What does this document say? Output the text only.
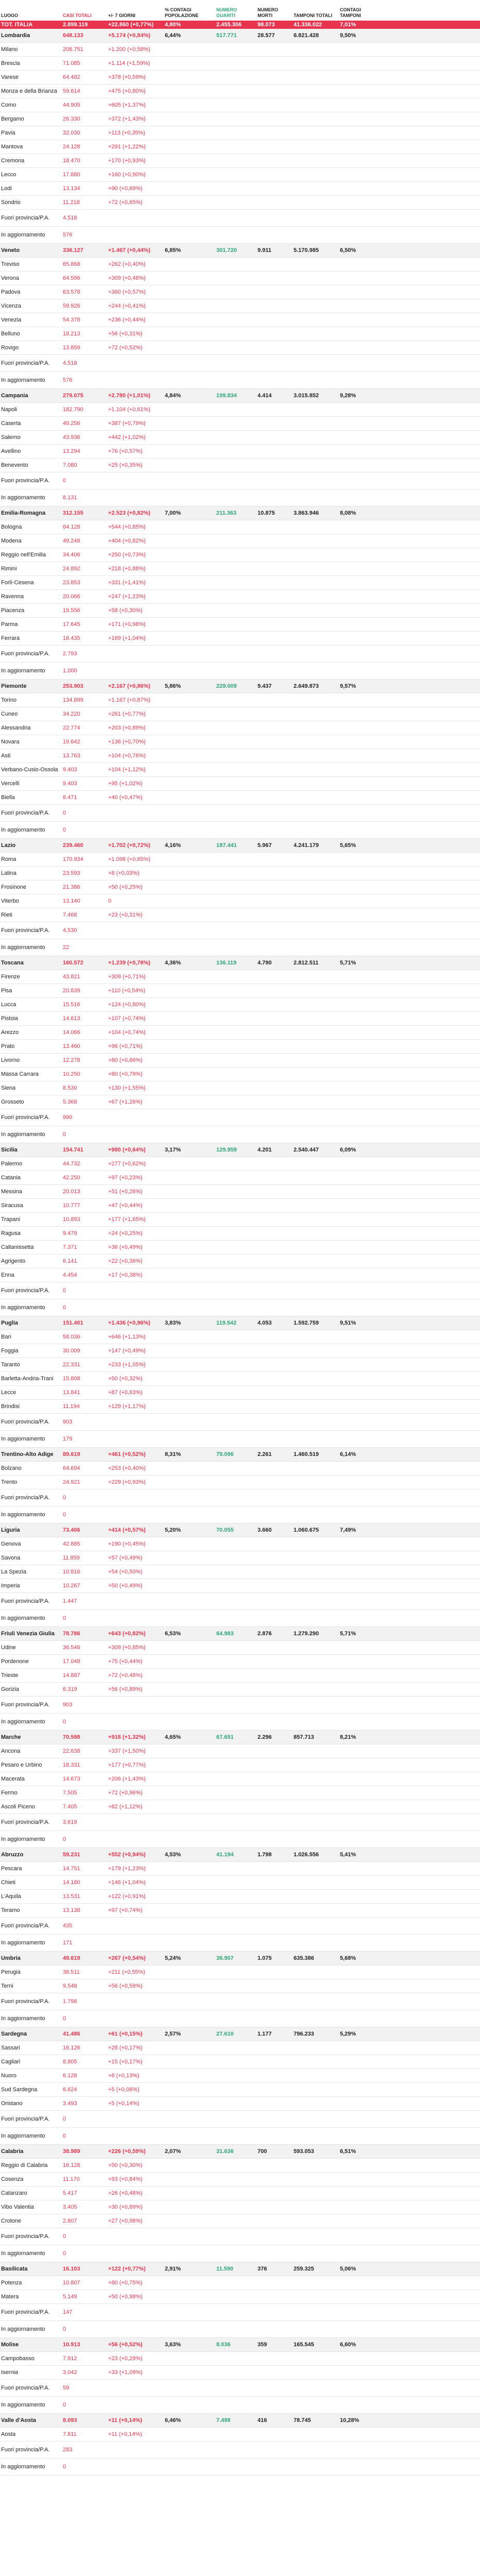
LUOGO	CASI TOTALI	+/- 7 GIORNI	% CONTAGI POPOLAZIONE	NUMERO GUARITI	NUMERO MORTI	TAMPONI TOTALI	CONTAGI TAMPONI		
TOT. ITALIA	2.899.119	+22.860 (+0,77%)	4,80%	2.455.306	98.073	41.336.022	7,01%		
Lombardia	648.133	+5.174 (+0,84%)	6,44%	517.771	28.577	6.821.428	9,50%		
Milano	208.751	+1.200 (+0,58%)							
Brescia	71.085	+1.114 (+1,59%)							
Varese	64.482	+378 (+0,59%)							
Monza e della Brianza	59.614	+475 (+0,80%)							
Como	44.905	+605 (+1,37%)							
Bergamo	26.330	+372 (+1,43%)							
Pavia	32.030	+113 (+0,35%)							
Mantova	24.128	+291 (+1,22%)							
Cremona	18.470	+170 (+0,93%)							
Lecco	17.880	+160 (+0,90%)							
Lodi	13.134	+90 (+0,69%)							
Sondrio	11.218	+72 (+0,65%)							
Fuori provincia/P.A.	4.518								
In aggiornamento	576								
Veneto	336.127	+1.467 (+0,44%)	6,85%	301.720	9.911	5.170.985	6,50%		
Treviso	65.868	+262 (+0,40%)							
Verona	64.596	+309 (+0,48%)							
Padova	63.578	+360 (+0,57%)							
Vicenza	59.926	+244 (+0,41%)							
Venezia	54.378	+236 (+0,44%)							
Belluno	18.213	+56 (+0,31%)							
Rovigo	13.859	+72 (+0,52%)							
Fuori provincia/P.A.	4.518								
In aggiornamento	576								
Campania	279.075	+2.780 (+1,01%)	4,84%	199.834	4.414	3.015.852	9,28%		
Napoli	182.790	+1.104 (+0,61%)							
Caserta	49.256	+387 (+0,79%)							
Salerno	43.936	+442 (+1,02%)							
Avellino	13.294	+76 (+0,57%)							
Benevento	7.080	+25 (+0,35%)							
Fuori provincia/P.A.	0								
In aggiornamento	8.131								
Emilia-Romagna	312.155	+2.523 (+0,82%)	7,00%	211.363	10.875	3.863.946	8,08%		
Bologna	64.128	+544 (+0,85%)							
Modena	49.248	+404 (+0,82%)							
Reggio nell'Emilia	34.406	+250 (+0,73%)							
Rimini	24.892	+218 (+0,88%)							
Forlì-Cesena	23.853	+331 (+1,41%)							
Ravenna	20.066	+247 (+1,23%)							
Piacenza	19.556	+58 (+0,30%)							
Parma	17.645	+171 (+0,98%)							
Ferrara	16.435	+169 (+1,04%)							
Fuori provincia/P.A.	2.793								
In aggiornamento	1.000								
Piemonte	253.903	+2.167 (+0,86%)	5,86%	229.009	9.437	2.649.873	9,57%		
Torino	134.899	+1.167 (+0,87%)							
Cuneo	34.220	+261 (+0,77%)							
Alessandria	22.774	+203 (+0,89%)							
Novara	19.642	+136 (+0,70%)							
Asti	13.763	+104 (+0,76%)							
Verbano-Cusio-Ossola	9.403	+104 (+1,12%)							
Vercelli	9.403	+95 (+1,02%)							
Biella	8.471	+40 (+0,47%)							
Fuori provincia/P.A.	0								
In aggiornamento	0								
Lazio	239.460	+1.702 (+0,72%)	4,16%	187.441	5.967	4.241.179	5,65%		
Roma	170.934	+1.098 (+0,65%)							
Latina	23.593	+8 (+0,03%)							
Frosinone	21.386	+50 (+0,25%)							
Viterbo	13.140	0							
Rieti	7.468	+23 (+0,31%)							
Fuori provincia/P.A.	4.530								
In aggiornamento	22								
Toscana	160.572	+1.239 (+0,78%)	4,36%	136.119	4.790	2.812.511	5,71%		
Firenze	43.821	+309 (+0,71%)							
Pisa	20.839	+110 (+0,54%)							
Lucca	15.516	+124 (+0,80%)							
Pistoia	14.613	+107 (+0,74%)							
Arezzo	14.066	+104 (+0,74%)							
Prato	13.460	+96 (+0,71%)							
Livorno	12.278	+80 (+0,66%)							
Massa Carrara	10.250	+80 (+0,79%)							
Siena	8.530	+130 (+1,55%)							
Grosseto	5.368	+67 (+1,26%)							
Fuori provincia/P.A.	990								
In aggiornamento	0								
Sicilia	154.741	+980 (+0,64%)	3,17%	129.959	4.201	2.540.447	6,09%		
Palermo	44.732	+277 (+0,62%)							
Catania	42.250	+97 (+0,23%)							
Messina	20.013	+51 (+0,26%)							
Siracusa	10.777	+47 (+0,44%)							
Trapani	10.893	+177 (+1,65%)							
Ragusa	9.479	+24 (+0,25%)							
Caltanissetta	7.371	+36 (+0,49%)							
Agrigento	6.141	+22 (+0,36%)							
Enna	4.454	+17 (+0,38%)							
Fuori provincia/P.A.	0								
In aggiornamento	0								
Puglia	151.401	+1.436 (+0,96%)	3,83%	119.542	4.053	1.592.759	9,51%		
Bari	58.036	+646 (+1,13%)							
Foggia	30.009	+147 (+0,49%)							
Taranto	22.331	+233 (+1,05%)							
Barletta-Andria-Trani	15.808	+50 (+0,32%)							
Lecce	13.841	+87 (+0,63%)							
Brindisi	11.194	+129 (+1,17%)							
Fuori provincia/P.A.	903								
In aggiornamento	179								
Trentino-Alto Adige	89.619	+461 (+0,52%)	8,31%	79.096	2.261	1.460.519	6,14%		
Bolzano	64.694	+253 (+0,40%)							
Trento	24.921	+229 (+0,93%)							
Fuori provincia/P.A.	0								
In aggiornamento	0								
Liguria	73.406	+414 (+0,57%)	5,20%	70.055	3.660	1.060.675	7,49%		
Genova	42.885	+190 (+0,45%)							
Savona	11.859	+57 (+0,49%)							
La Spezia	10.816	+54 (+0,50%)							
Imperia	10.267	+50 (+0,49%)							
Fuori provincia/P.A.	1.447								
In aggiornamento	0								
Friuli Venezia Giulia	78.786	+643 (+0,82%)	6,53%	64.983	2.876	1.279.290	5,71%		
Udine	36.546	+309 (+0,85%)							
Pordenone	17.048	+75 (+0,44%)							
Trieste	14.887	+72 (+0,48%)							
Gorizia	6.319	+56 (+0,89%)							
Fuori provincia/P.A.	903								
In aggiornamento	0								
Marche	70.598	+918 (+1,32%)	4,65%	67.651	2.296	857.713	8,21%		
Ancona	22.638	+337 (+1,50%)							
Pesaro e Urbino	18.331	+177 (+0,77%)							
Macerata	14.673	+206 (+1,43%)							
Fermo	7.505	+72 (+0,96%)							
Ascoli Piceno	7.405	+82 (+1,12%)							
Fuori provincia/P.A.	3.619								
In aggiornamento	0								
Abruzzo	59.231	+552 (+0,94%)	4,53%	41.194	1.798	1.026.556	5,41%		
Pescara	14.751	+179 (+1,23%)							
Chieti	14.180	+146 (+1,04%)							
L'Aquila	13.531	+122 (+0,91%)							
Teramo	13.138	+97 (+0,74%)							
Fuori provincia/P.A.	435								
In aggiornamento	171								
Umbria	49.619	+267 (+0,54%)	5,24%	36.907	1.075	635.386	5,68%		
Perugia	38.511	+211 (+0,55%)							
Terni	9.548	+56 (+0,59%)							
Fuori provincia/P.A.	1.798								
In aggiornamento	0								
Sardegna	41.486	+61 (+0,15%)	2,57%	27.610	1.177	796.233	5,29%		
Sassari	16.126	+28 (+0,17%)							
Cagliari	8.805	+15 (+0,17%)							
Nuoro	6.128	+8 (+0,13%)							
Sud Sardegna	6.624	+5 (+0,08%)							
Oristano	3.493	+5 (+0,14%)							
Fuori provincia/P.A.	0								
In aggiornamento	0								
Calabria	38.989	+226 (+0,59%)	2,07%	31.636	700	593.053	6,51%		
Reggio di Calabria	16.128	+50 (+0,30%)							
Cosenza	11.170	+93 (+0,84%)							
Catanzaro	5.417	+26 (+0,48%)							
Vibo Valentia	3.405	+30 (+0,89%)							
Crotone	2.807	+27 (+0,98%)							
Fuori provincia/P.A.	0								
In aggiornamento	0								
Basilicata	16.103	+122 (+0,77%)	2,91%	11.590	376	259.325	5,06%		
Potenza	10.807	+80 (+0,75%)							
Matera	5.149	+50 (+0,98%)							
Fuori provincia/P.A.	147								
In aggiornamento	0								
Molise	10.913	+56 (+0,52%)	3,63%	8.036	359	165.545	6,60%		
Campobasso	7.912	+23 (+0,29%)							
Isernia	3.042	+33 (+1,09%)							
Fuori provincia/P.A.	59								
In aggiornamento	0								
Valle d'Aosta	8.093	+11 (+0,14%)	6,46%	7.498	416	78.745	10,28%		
Aosta	7.811	+11 (+0,14%)							
Fuori provincia/P.A.	283								
In aggiornamento	0								
